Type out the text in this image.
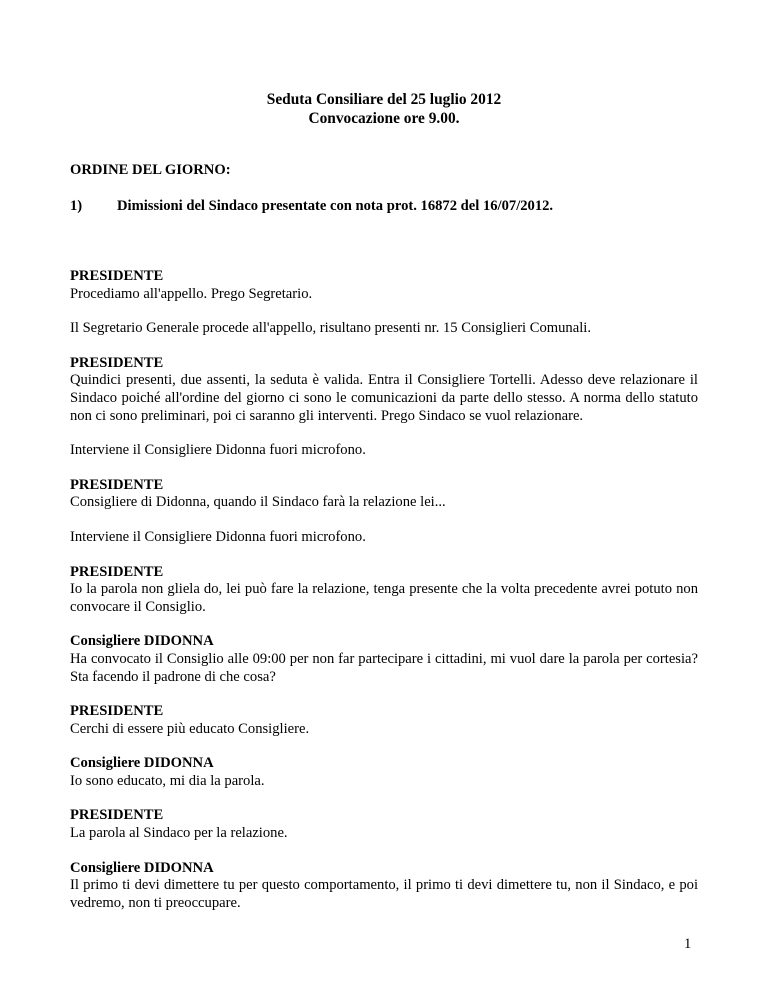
Seduta Consiliare del 25 luglio 2012
Convocazione ore 9.00.
ORDINE DEL GIORNO:
1)	Dimissioni del Sindaco presentate con nota prot. 16872 del 16/07/2012.
PRESIDENTE
Procediamo all'appello. Prego Segretario.
Il Segretario Generale procede all'appello, risultano presenti nr. 15 Consiglieri Comunali.
PRESIDENTE
Quindici presenti, due assenti, la seduta è valida. Entra il Consigliere Tortelli. Adesso deve relazionare il Sindaco poiché all'ordine del giorno ci sono le comunicazioni da parte dello stesso. A norma dello statuto non ci sono preliminari, poi ci saranno gli interventi. Prego Sindaco se vuol relazionare.
Interviene il Consigliere Didonna fuori microfono.
PRESIDENTE
Consigliere di Didonna, quando il Sindaco farà la relazione lei...
Interviene il Consigliere Didonna fuori microfono.
PRESIDENTE
Io la parola non gliela do, lei può fare la relazione, tenga presente che la volta precedente avrei potuto non convocare il Consiglio.
Consigliere DIDONNA
Ha convocato il Consiglio alle 09:00 per non far partecipare i cittadini, mi vuol dare la parola per cortesia? Sta facendo il padrone di che cosa?
PRESIDENTE
Cerchi di essere più educato Consigliere.
Consigliere DIDONNA
Io sono educato, mi dia la parola.
PRESIDENTE
La parola al Sindaco per la relazione.
Consigliere DIDONNA
Il primo ti devi dimettere tu per questo comportamento, il primo ti devi dimettere tu, non il Sindaco, e poi vedremo, non ti preoccupare.
1
